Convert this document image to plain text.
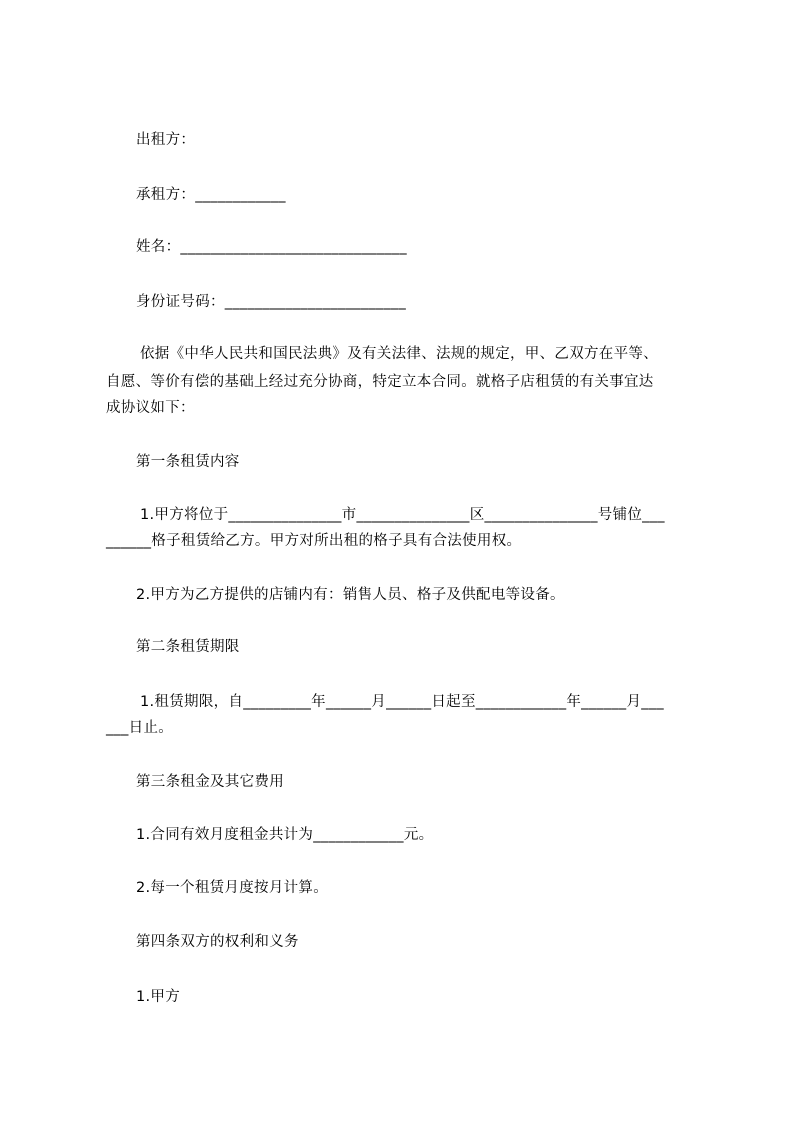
出租方：
承租方：____________
姓名：______________________________
身份证号码：________________________
依据《中华人民共和国民法典》及有关法律、法规的规定，甲、乙双方在平等、
自愿、等价有偿的基础上经过充分协商，特定立本合同。就格子店租赁的有关事宜达
成协议如下：
第一条租赁内容
1.甲方将位于_______________市_______________区_______________号铺位___
______格子租赁给乙方。甲方对所出租的格子具有合法使用权。
2.甲方为乙方提供的店铺内有：销售人员、格子及供配电等设备。
第二条租赁期限
1.租赁期限，自_________年______月______日起至____________年______月___
___日止。
第三条租金及其它费用
1.合同有效月度租金共计为____________元。
2.每一个租赁月度按月计算。
第四条双方的权利和义务
1.甲方
